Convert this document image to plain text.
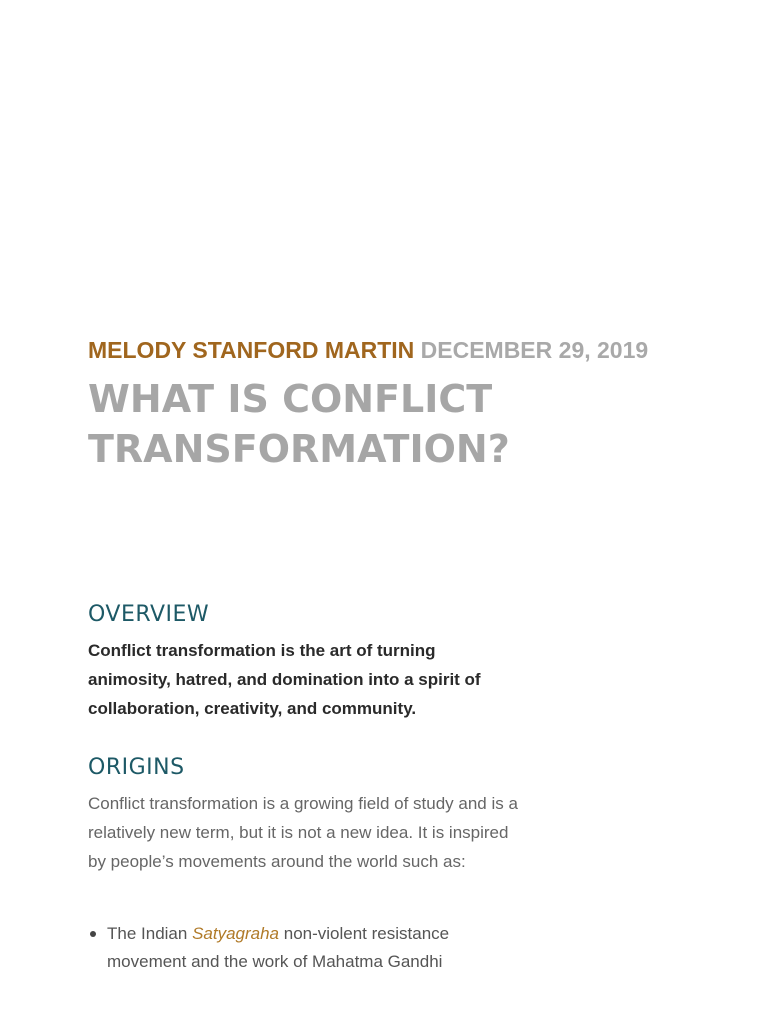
MELODY STANFORD MARTIN DECEMBER 29, 2019
WHAT IS CONFLICT TRANSFORMATION?
OVERVIEW

Conflict transformation is the art of turning animosity, hatred, and domination into a spirit of collaboration, creativity, and community.

ORIGINS

Conflict transformation is a growing field of study and is a relatively new term, but it is not a new idea. It is inspired by people’s movements around the world such as:

The Indian Satyagraha non-violent resistance movement and the work of Mahatma Gandhi
